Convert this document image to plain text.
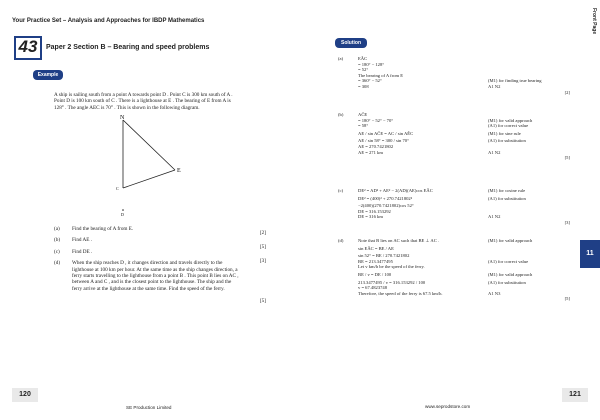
Your Practice Set – Analysis and Approaches for IBDP Mathematics	Front Page
43	Paper 2 Section B – Bearing and speed problems
Example
Solution
A ship is sailing south from a point A towards point D . Point C is 300 km south of A .
Point D is 100 km south of C . There is a lighthouse at E . The bearing of E from A is
128° . The angle AEC is 70° . This is shown in the following diagram.
N
E
C
D
(a)	Find the bearing of A from E.
(b)	Find AE .
(c)	Find DE .
(d)	When the ship reaches D , it changes direction and travels directly to the
lighthouse at 100 km per hour. At the same time as the ship changes direction, a
ferry starts travelling to the lighthouse from a point B . This point B lies on AC ,
between A and C , and is the closest point to the lighthouse. The ship and the
ferry arrive at the lighthouse at the same time. Find the speed of the ferry.
[2]
[5]
[3]
[5]
(a)	EÂC
= 180° − 128°
= 52°
The bearing of A from E
= 360° − 52°	(M1) for finding true bearing
= 308	A1 N2
[2]
(b)	AĈE
= 180° − 52° − 70°	(M1) for valid approach
= 58°	(A1) for correct value
AE / sin AĈE = AC / sin AÊC	(M1) for sine rule
AE / sin 58° = 300 / sin 70°	(A1) for substitution
AE = 270.7421802
AE = 271 km	A1 N2
[5]
(c)	DE² = AD² + AE² − 2(AD)(AE)cos EÂC	(M1) for cosine rule
DE² = (400)² + 270.7421802²	(A1) for substitution
−2(400)(270.7421802)cos 52°
DE = 316.153292
DE = 316 km	A1 N2
[3]
(d)	Note that B lies on AC such that BE ⊥ AC .	(M1) for valid approach
sin EÂC = BE / AE
sin 52° = BE / 270.7421802
BE = 213.3477495	(A1) for correct value
Let v km/h be the speed of the ferry.
BE / v = DE / 100	(M1) for valid approach
213.3477495 / v = 316.153292 / 100	(A1) for substitution
v = 67.4823748
Therefore, the speed of the ferry is 67.5 km/h.	A1 N3
[5]
11
120	121
SE Production Limited	www.seprodstore.com
